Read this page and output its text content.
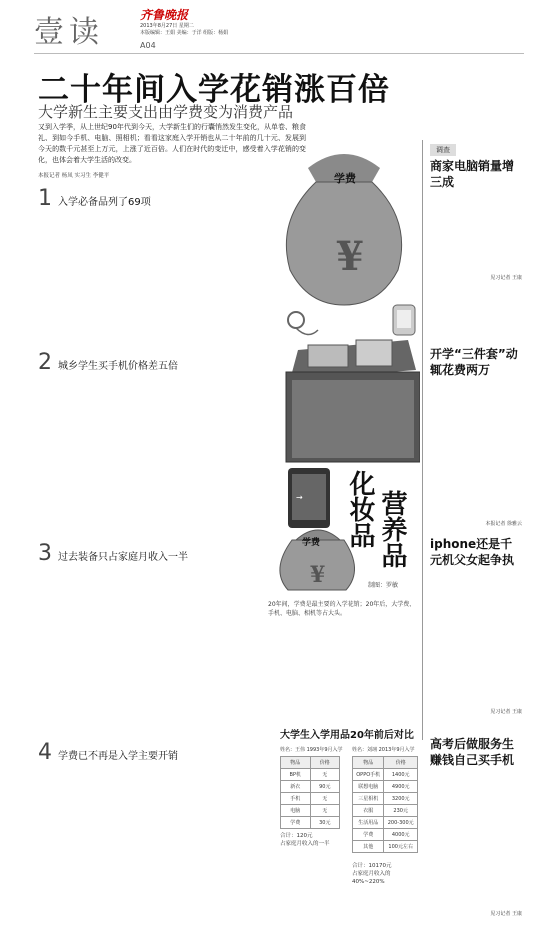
壹读	齐鲁晚报
2013年8月27日 星期二
本版编辑：王娟 美编：于洋 组版：杨娟
A04
二十年间入学花销涨百倍
大学新生主要支出由学费变为消费产品
又到入学季，从上世纪90年代到今天，大学新生们的行囊悄然发生变化，从单卷、粮食礼、到如今手机、电脑、照相机；看看这家庭入学开销也从二十年前的几十元、发展到今天的数千元甚至上万元，上涨了近百倍。人们在时代的变迁中，感受着入学花销的变化，也体会着大学生活的改变。
本报记者 杨凤 实习生 李健平
1 入学必备品列了69项
2 城乡学生买手机价格差五倍
3 过去装备只占家庭月收入一半
4 学费已不再是入学主要开销
¥
→
¥
学费
学费 化妆品 营养品
制图：罗敏
20年间，学费是最主要的入学花销；20年后，大学费、手机、电脑、相机等占大头。
调查
商家电脑销量增三成
见习记者 王康
开学“三件套”动辄花费两万
本报记者 徐雅云
iphone还是千元机父女起争执
见习记者 王康
高考后做服务生赚钱自己买手机
见习记者 王康
大学生入学用品20年前后对比
姓名：王伟 1993年9月入学
物品	价格
BP机	无
新衣	90元
手机	无
电脑	无
学费	30元
合计：120元
占家庭月收入的一半
姓名：刘翊 2013年9月入学
物品	价格
OPPO手机	1400元
联想电脑	4900元
三星相机	3200元
衣服	230元
生活用品	200-300元
学费	4000元
其他	100元左右
合计：10170元
占家庭月收入的40%~220%
